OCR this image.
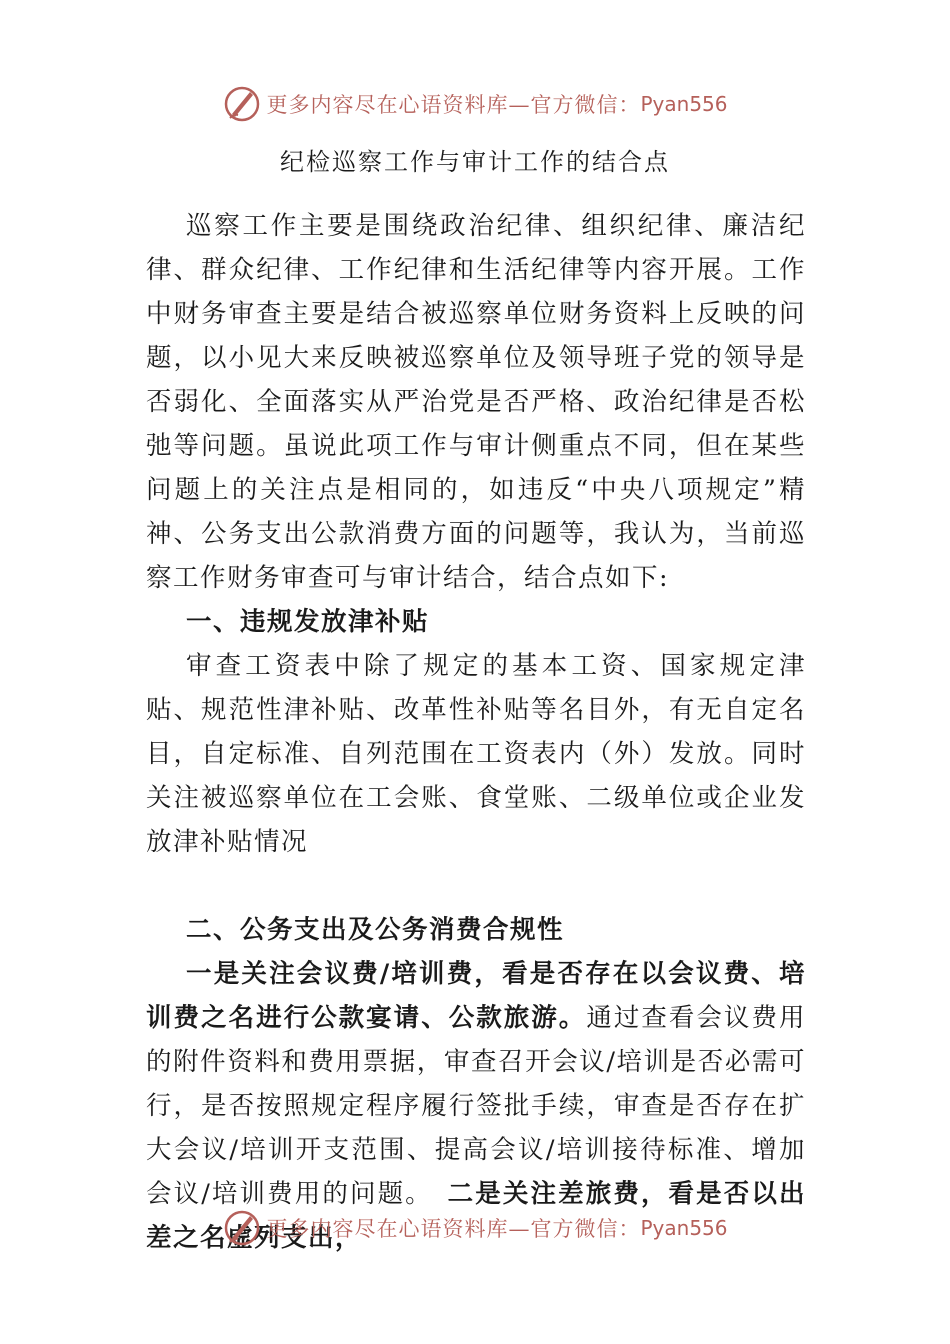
更多内容尽在心语资料库—官方微信： Pyan556
纪检巡察工作与审计工作的结合点

巡察工作主要是围绕政治纪律、组织纪律、廉洁纪律、群众纪律、工作纪律和生活纪律等内容开展。工作中财务审查主要是结合被巡察单位财务资料上反映的问题，以小见大来反映被巡察单位及领导班子党的领导是否弱化、全面落实从严治党是否严格、政治纪律是否松弛等问题。虽说此项工作与审计侧重点不同，但在某些问题上的关注点是相同的，如违反“中央八项规定”精神、公务支出公款消费方面的问题等，我认为，当前巡察工作财务审查可与审计结合，结合点如下:

一、违规发放津补贴

审查工资表中除了规定的基本工资、国家规定津贴、规范性津补贴、改革性补贴等名目外，有无自定名目，自定标准、自列范围在工资表内（外）发放。同时关注被巡察单位在工会账、食堂账、二级单位或企业发放津补贴情况

二、公务支出及公务消费合规性

一是关注会议费/培训费，看是否存在以会议费、培训费之名进行公款宴请、公款旅游。通过查看会议费用的附件资料和费用票据，审查召开会议/培训是否必需可行，是否按照规定程序履行签批手续，审查是否存在扩大会议/培训开支范围、提高会议/培训接待标准、增加会议/培训费用的问题。　 二是关注差旅费，看是否以出差之名虚列支出，

更多内容尽在心语资料库—官方微信： Pyan556
